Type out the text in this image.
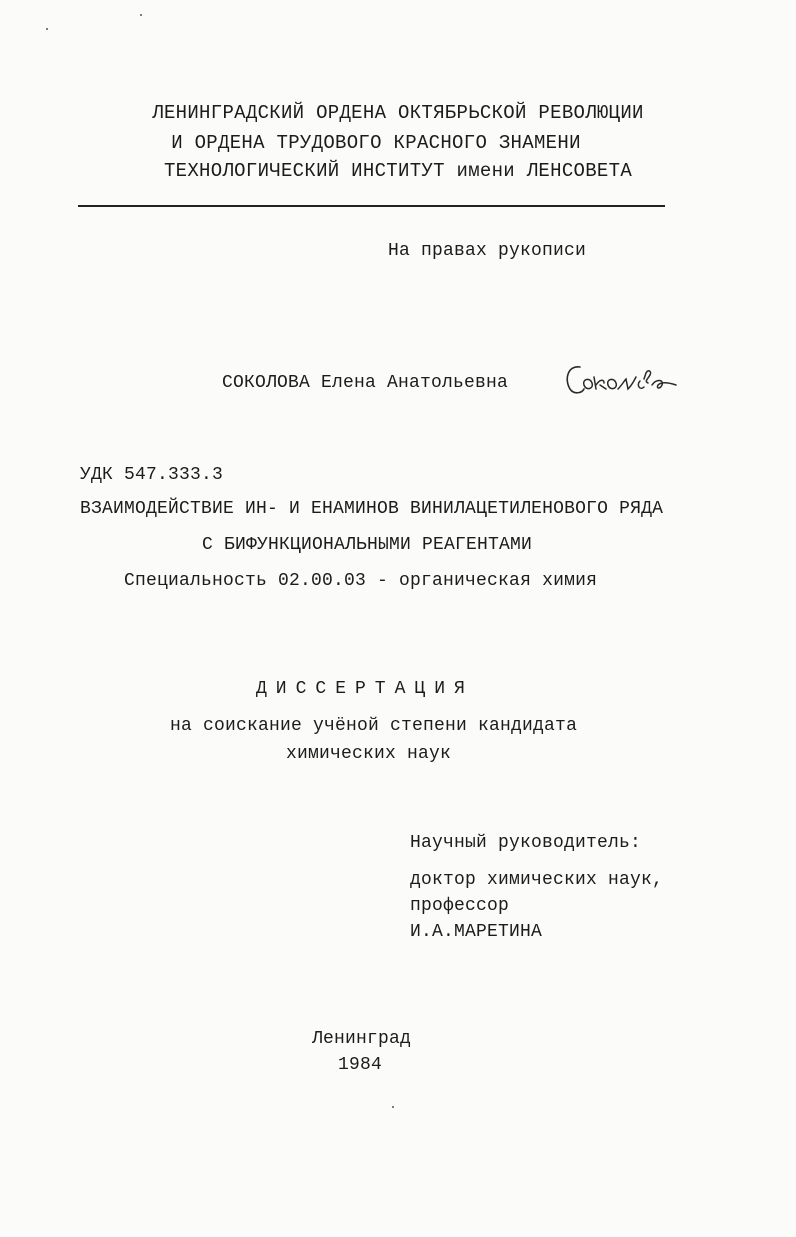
ЛЕНИНГРАДСКИЙ ОРДЕНА ОКТЯБРЬСКОЙ РЕВОЛЮЦИИ
И ОРДЕНА ТРУДОВОГО КРАСНОГО ЗНАМЕНИ
ТЕХНОЛОГИЧЕСКИЙ ИНСТИТУТ имени ЛЕНСОВЕТА
На правах рукописи
СОКОЛОВА Елена Анатольевна
УДК 547.333.3
ВЗАИМОДЕЙСТВИЕ ИН- И ЕНАМИНОВ ВИНИЛАЦЕТИЛЕНОВОГО РЯДА
С БИФУНКЦИОНАЛЬНЫМИ РЕАГЕНТАМИ
Специальность 02.00.03 - органическая химия
ДИССЕРТАЦИЯ
на соискание учёной степени кандидата
химических наук
Научный руководитель:
доктор химических наук,
профессор
И.А.МАРЕТИНА
Ленинград
1984
